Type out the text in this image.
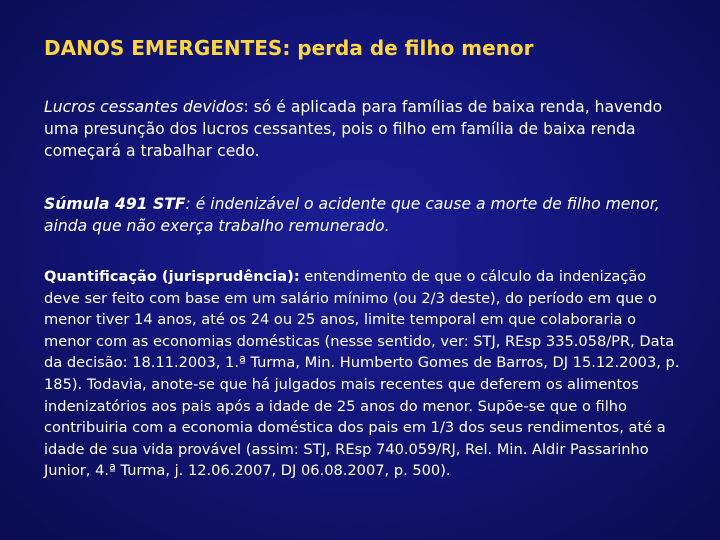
DANOS EMERGENTES: perda de filho menor
Lucros cessantes devidos: só é aplicada para famílias de baixa renda, havendo uma presunção dos lucros cessantes, pois o filho em família de baixa renda começará a trabalhar cedo.
Súmula 491 STF: é indenizável o acidente que cause a morte de filho menor, ainda que não exerça trabalho remunerado.
Quantificação (jurisprudência): entendimento de que o cálculo da indenização deve ser feito com base em um salário mínimo (ou 2/3 deste), do período em que o menor tiver 14 anos, até os 24 ou 25 anos, limite temporal em que colaboraria o menor com as economias domésticas (nesse sentido, ver: STJ, REsp 335.058/PR, Data da decisão: 18.11.2003, 1.ª Turma, Min. Humberto Gomes de Barros, DJ 15.12.2003, p. 185). Todavia, anote-se que há julgados mais recentes que deferem os alimentos indenizatórios aos pais após a idade de 25 anos do menor. Supõe-se que o filho contribuiria com a economia doméstica dos pais em 1/3 dos seus rendimentos, até a idade de sua vida provável (assim: STJ, REsp 740.059/RJ, Rel. Min. Aldir Passarinho Junior, 4.ª Turma, j. 12.06.2007, DJ 06.08.2007, p. 500).
